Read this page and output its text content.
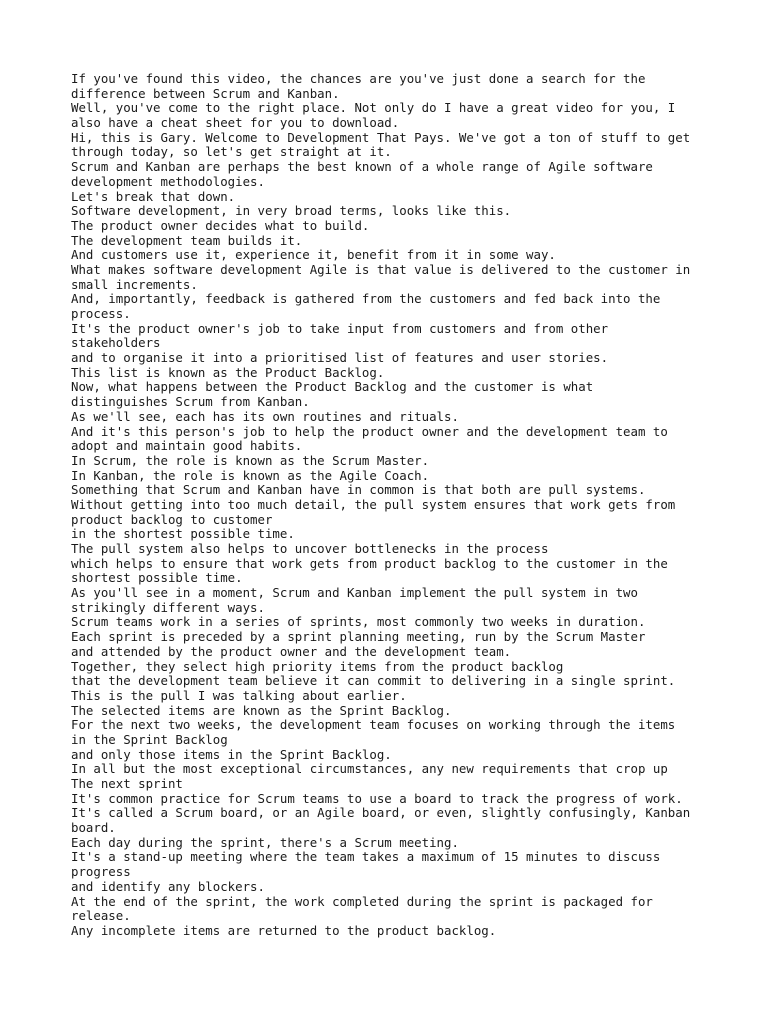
If you've found this video, the chances are you've just done a search for the
difference between Scrum and Kanban.
Well, you've come to the right place. Not only do I have a great video for you, I
also have a cheat sheet for you to download.
Hi, this is Gary. Welcome to Development That Pays. We've got a ton of stuff to get
through today, so let's get straight at it.
Scrum and Kanban are perhaps the best known of a whole range of Agile software
development methodologies.
Let's break that down.
Software development, in very broad terms, looks like this.
The product owner decides what to build.
The development team builds it.
And customers use it, experience it, benefit from it in some way.
What makes software development Agile is that value is delivered to the customer in
small increments.
And, importantly, feedback is gathered from the customers and fed back into the
process.
It's the product owner's job to take input from customers and from other
stakeholders
and to organise it into a prioritised list of features and user stories.
This list is known as the Product Backlog.
Now, what happens between the Product Backlog and the customer is what
distinguishes Scrum from Kanban.
As we'll see, each has its own routines and rituals.
And it's this person's job to help the product owner and the development team to
adopt and maintain good habits.
In Scrum, the role is known as the Scrum Master.
In Kanban, the role is known as the Agile Coach.
Something that Scrum and Kanban have in common is that both are pull systems.
Without getting into too much detail, the pull system ensures that work gets from
product backlog to customer
in the shortest possible time.
The pull system also helps to uncover bottlenecks in the process
which helps to ensure that work gets from product backlog to the customer in the
shortest possible time.
As you'll see in a moment, Scrum and Kanban implement the pull system in two
strikingly different ways.
Scrum teams work in a series of sprints, most commonly two weeks in duration.
Each sprint is preceded by a sprint planning meeting, run by the Scrum Master
and attended by the product owner and the development team.
Together, they select high priority items from the product backlog
that the development team believe it can commit to delivering in a single sprint.
This is the pull I was talking about earlier.
The selected items are known as the Sprint Backlog.
For the next two weeks, the development team focuses on working through the items
in the Sprint Backlog
and only those items in the Sprint Backlog.
In all but the most exceptional circumstances, any new requirements that crop up
The next sprint
It's common practice for Scrum teams to use a board to track the progress of work.
It's called a Scrum board, or an Agile board, or even, slightly confusingly, Kanban
board.
Each day during the sprint, there's a Scrum meeting.
It's a stand-up meeting where the team takes a maximum of 15 minutes to discuss
progress
and identify any blockers.
At the end of the sprint, the work completed during the sprint is packaged for
release.
Any incomplete items are returned to the product backlog.
